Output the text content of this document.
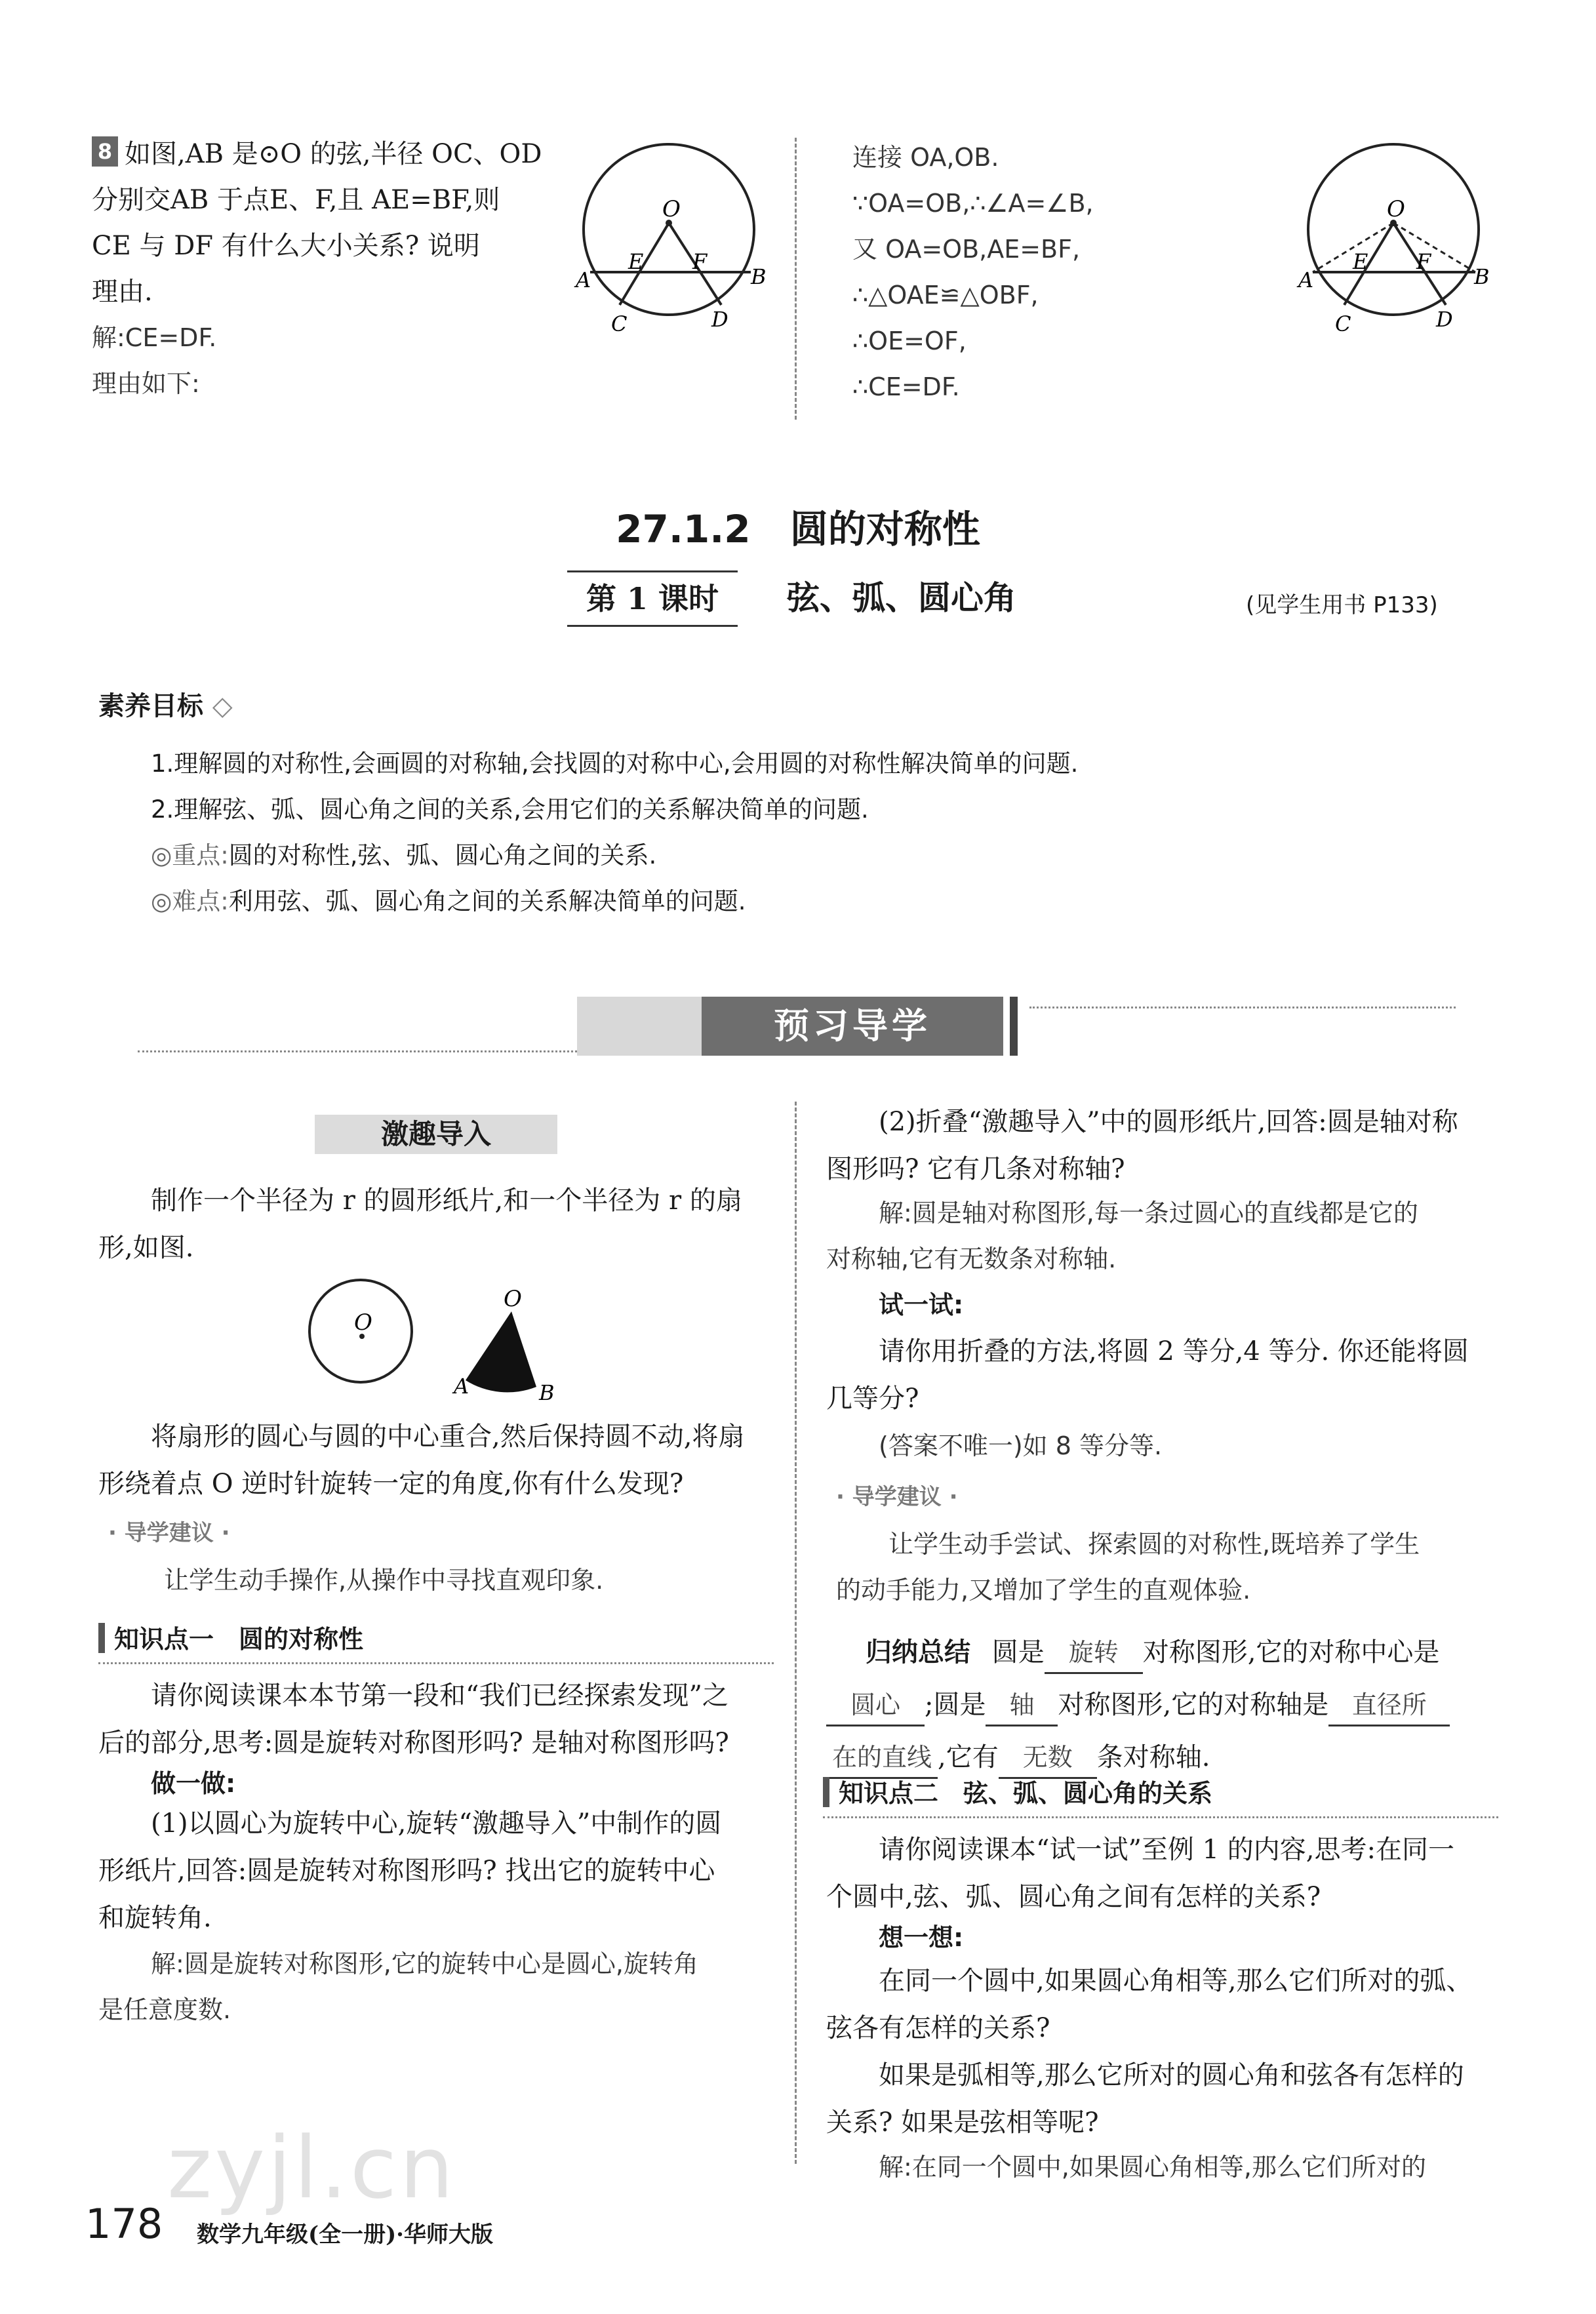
8 如图,AB 是⊙O 的弦,半径 OC、OD
分别交AB 于点E、F,且 AE=BF,则
CE 与 DF 有什么大小关系? 说明
理由.
解:CE=DF.
理由如下:
O
A	B
C	D
E F
连接 OA,OB.
∵OA=OB,∴∠A=∠B,
又 OA=OB,AE=BF,
∴△OAE≌△OBF,
∴OE=OF,
∴CE=DF.
O
A	B
C	D
E F
27.1.2 圆的对称性
第 1 课时	弦、弧、圆心角	(见学生用书 P133)
素养目标 ◇
1.理解圆的对称性,会画圆的对称轴,会找圆的对称中心,会用圆的对称性解决简单的问题.
2.理解弦、弧、圆心角之间的关系,会用它们的关系解决简单的问题.
◎重点:圆的对称性,弦、弧、圆心角之间的关系.
◎难点:利用弦、弧、圆心角之间的关系解决简单的问题.
预习导学
激趣导入
制作一个半径为 r 的圆形纸片,和一个半径为 r 的扇
形,如图.
O
O
A	B
将扇形的圆心与圆的中心重合,然后保持圆不动,将扇
形绕着点 O 逆时针旋转一定的角度,你有什么发现?
· 导学建议 ·
让学生动手操作,从操作中寻找直观印象.
知识点一　圆的对称性
请你阅读课本本节第一段和“我们已经探索发现”之
后的部分,思考:圆是旋转对称图形吗? 是轴对称图形吗?
做一做:
(1)以圆心为旋转中心,旋转“激趣导入”中制作的圆
形纸片,回答:圆是旋转对称图形吗? 找出它的旋转中心
和旋转角.
解:圆是旋转对称图形,它的旋转中心是圆心,旋转角
是任意度数.
(2)折叠“激趣导入”中的圆形纸片,回答:圆是轴对称
图形吗? 它有几条对称轴?
解:圆是轴对称图形,每一条过圆心的直线都是它的
对称轴,它有无数条对称轴.
试一试:
请你用折叠的方法,将圆 2 等分,4 等分. 你还能将圆
几等分?
(答案不唯一)如 8 等分等.
· 导学建议 ·
让学生动手尝试、探索圆的对称性,既培养了学生
的动手能力,又增加了学生的直观体验.
归纳总结 圆是 旋转 对称图形,它的对称中心是
圆心 ;圆是 轴 对称图形,它的对称轴是 直径所
在的直线 ,它有 无数 条对称轴.
知识点二　弦、弧、圆心角的关系
请你阅读课本“试一试”至例 1 的内容,思考:在同一
个圆中,弦、弧、圆心角之间有怎样的关系?
想一想:
在同一个圆中,如果圆心角相等,那么它们所对的弧、
弦各有怎样的关系?
如果是弧相等,那么它所对的圆心角和弦各有怎样的
关系? 如果是弦相等呢?
解:在同一个圆中,如果圆心角相等,那么它们所对的
zyjl.cn
178 数学九年级(全一册)·华师大版
